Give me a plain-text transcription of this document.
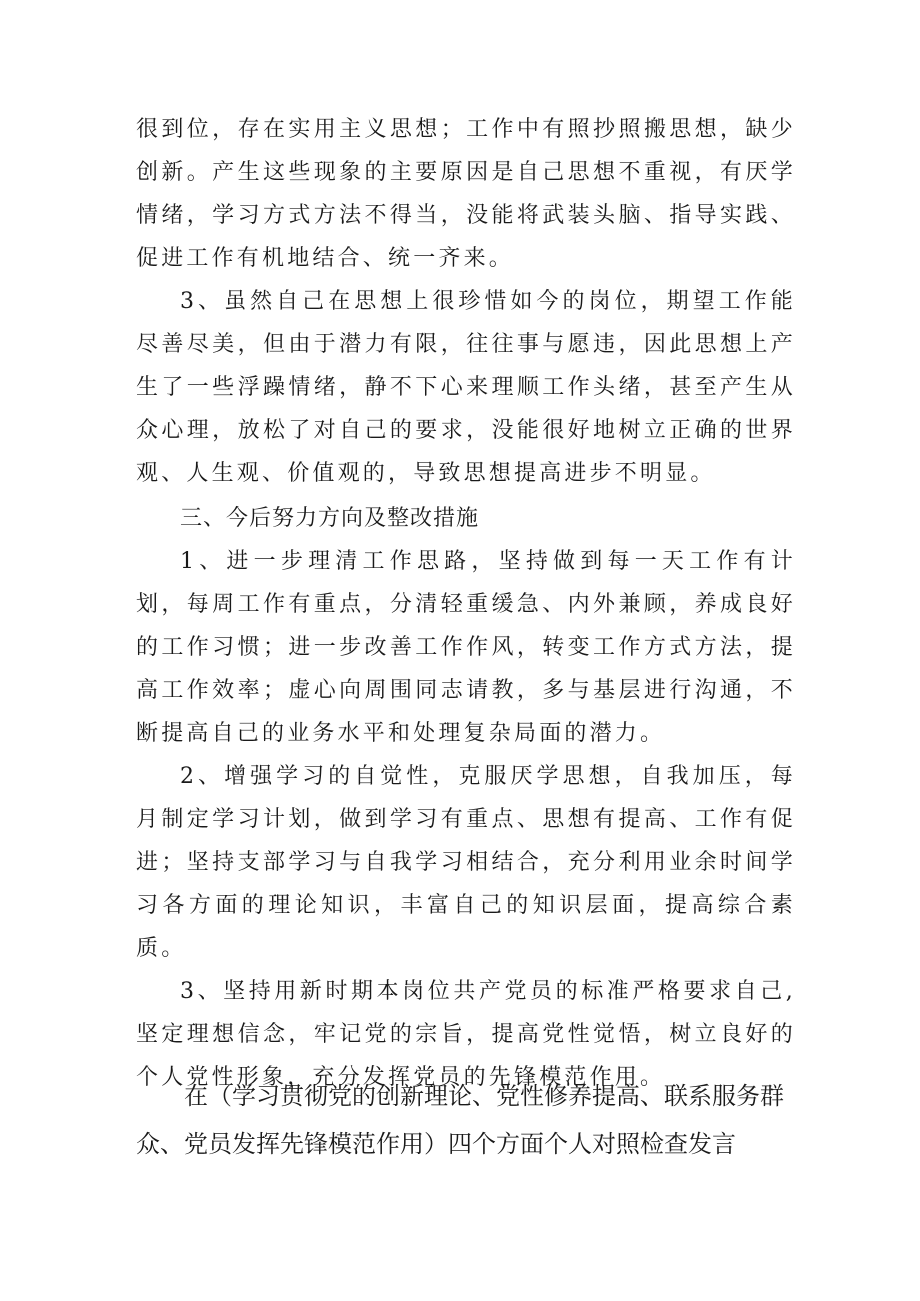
很到位，存在实用主义思想；工作中有照抄照搬思想，缺少创新。产生这些现象的主要原因是自己思想不重视，有厌学情绪，学习方式方法不得当，没能将武装头脑、指导实践、促进工作有机地结合、统一齐来。

3、虽然自己在思想上很珍惜如今的岗位，期望工作能尽善尽美，但由于潜力有限，往往事与愿违，因此思想上产生了一些浮躁情绪，静不下心来理顺工作头绪，甚至产生从众心理，放松了对自己的要求，没能很好地树立正确的世界观、人生观、价值观的，导致思想提高进步不明显。

三、今后努力方向及整改措施

1、进一步理清工作思路，坚持做到每一天工作有计划，每周工作有重点，分清轻重缓急、内外兼顾，养成良好的工作习惯；进一步改善工作作风，转变工作方式方法，提高工作效率；虚心向周围同志请教，多与基层进行沟通，不断提高自己的业务水平和处理复杂局面的潜力。

2、增强学习的自觉性，克服厌学思想，自我加压，每月制定学习计划，做到学习有重点、思想有提高、工作有促进；坚持支部学习与自我学习相结合，充分利用业余时间学习各方面的理论知识，丰富自己的知识层面，提高综合素质。

3、坚持用新时期本岗位共产党员的标准严格要求自己,坚定理想信念，牢记党的宗旨，提高党性觉悟，树立良好的个人党性形象，充分发挥党员的先锋模范作用。

在（学习贯彻党的创新理论、党性修养提高、联系服务群众、党员发挥先锋模范作用）四个方面个人对照检查发言
